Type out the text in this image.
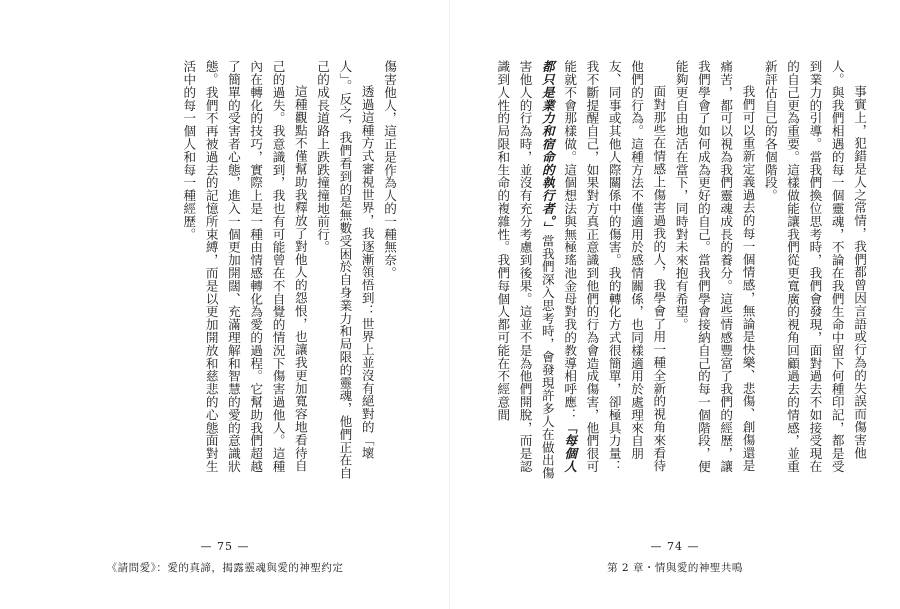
傷害他人，這正是作為人的一種無奈。

透過這種方式審視世界，我逐漸領悟到：世界上並沒有絕對的「壞人」。反之，我們看到的是無數受困於自身業力和局限的靈魂，他們正在自己的成長道路上跌跌撞撞地前行。

這種觀點不僅幫助我釋放了對他人的怨恨，也讓我更加寬容地看待自己的過失。我意識到，我也有可能曾在不自覺的情況下傷害過他人。這種內在轉化的技巧，實際上是一種由情感轉化為愛的過程。它幫助我們超越了簡單的受害者心態，進入一個更加開闊、充滿理解和智慧的愛的意識狀態。我們不再被過去的記憶所束縛，而是以更加開放和慈悲的心態面對生活中的每一個人和每一種經歷。

— 75 —
《請問愛》：愛的真諦，揭露靈魂與愛的神聖约定

事實上，犯錯是人之常情，我們都曾因言語或行為的失誤而傷害他人。與我們相遇的每一個靈魂，不論在我們生命中留下何種印記，都是受到業力的引導。當我們換位思考時，我們會發現，面對過去不如接受現在的自己更為重要。這樣做能讓我們從更寬廣的視角回顧過去的情感，並重新評估自己的各個階段。

我們可以重新定義過去的每一個情感，無論是快樂、悲傷、創傷還是痛苦，都可以視為我們靈魂成長的養分。這些情感豐富了我們的經歷，讓我們學會了如何成為更好的自己。當我們學會接納自己的每一個階段，便能夠更自由地活在當下，同時對未來抱有希望。

面對那些在情感上傷害過我的人，我學會了用一種全新的視角來看待他們的行為。這種方法不僅適用於感情關係，也同樣適用於處理來自朋友、同事或其他人際關係中的傷害。我的轉化方式很簡單，卻極具力量：我不斷提醒自己，如果對方真正意識到他們的行為會造成傷害，他們很可能就不會那樣做。這個想法與無極瑤池金母對我的教導相呼應：「每個人都只是業力和宿命的執行者。」當我們深入思考時，會發現許多人在做出傷害他人的行為時，並沒有充分考慮到後果。這並不是為他們開脫，而是認識到人性的局限和生命的複雜性。我們每個人都可能在不經意間

— 74 —
第 2 章・情與愛的神聖共鳴
